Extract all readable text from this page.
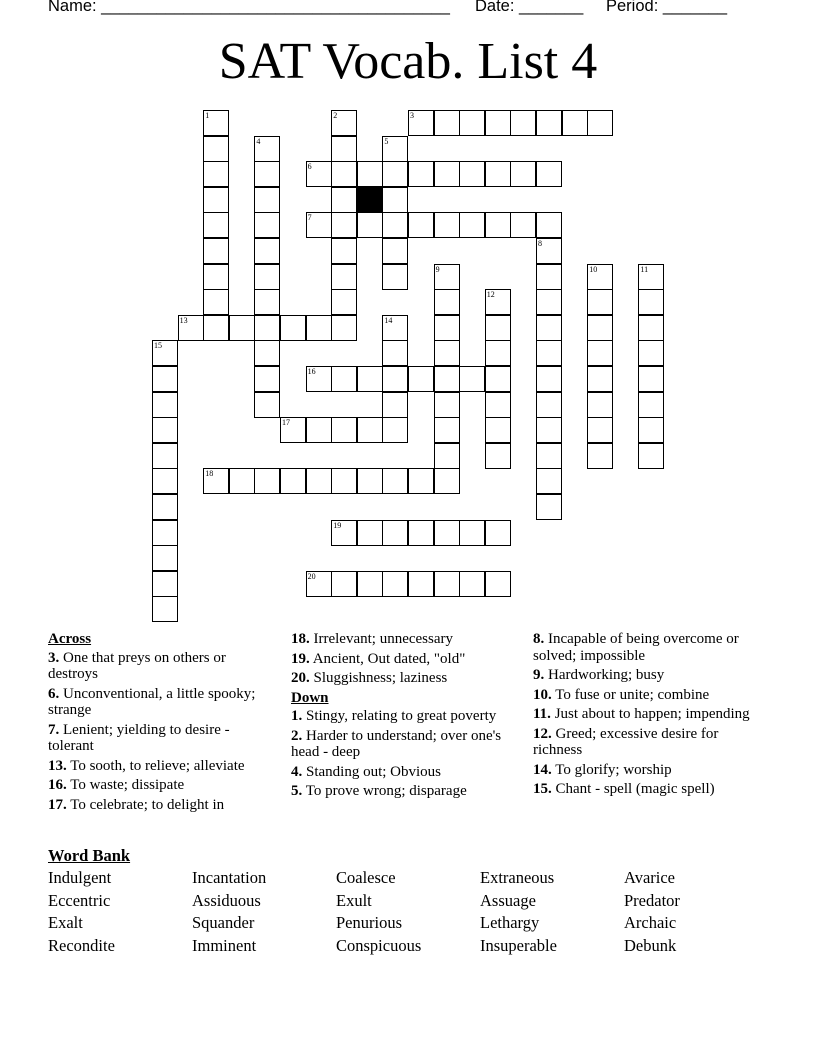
Name: ______________________________________ Date: _______ Period: _______
SAT Vocab. List 4
1	2	3
4	5
6
7
8
9	10	11
12
13	14
15
16
17
18
19
20
Across
3. One that preys on others or destroys
6. Unconventional, a little spooky; strange
7. Lenient; yielding to desire - tolerant
13. To sooth, to relieve; alleviate
16. To waste; dissipate
17. To celebrate; to delight in
18. Irrelevant; unnecessary
19. Ancient, Out dated, "old"
20. Sluggishness; laziness
Down
1. Stingy, relating to great poverty
2. Harder to understand; over one's head - deep
4. Standing out; Obvious
5. To prove wrong; disparage
8. Incapable of being overcome or solved; impossible
9. Hardworking; busy
10. To fuse or unite; combine
11. Just about to happen; impending
12. Greed; excessive desire for richness
14. To glorify; worship
15. Chant - spell (magic spell)
Word Bank
Indulgent	Incantation	Coalesce	Extraneous	Avarice
Eccentric	Assiduous	Exult	Assuage	Predator
Exalt	Squander	Penurious	Lethargy	Archaic
Recondite	Imminent	Conspicuous	Insuperable	Debunk
